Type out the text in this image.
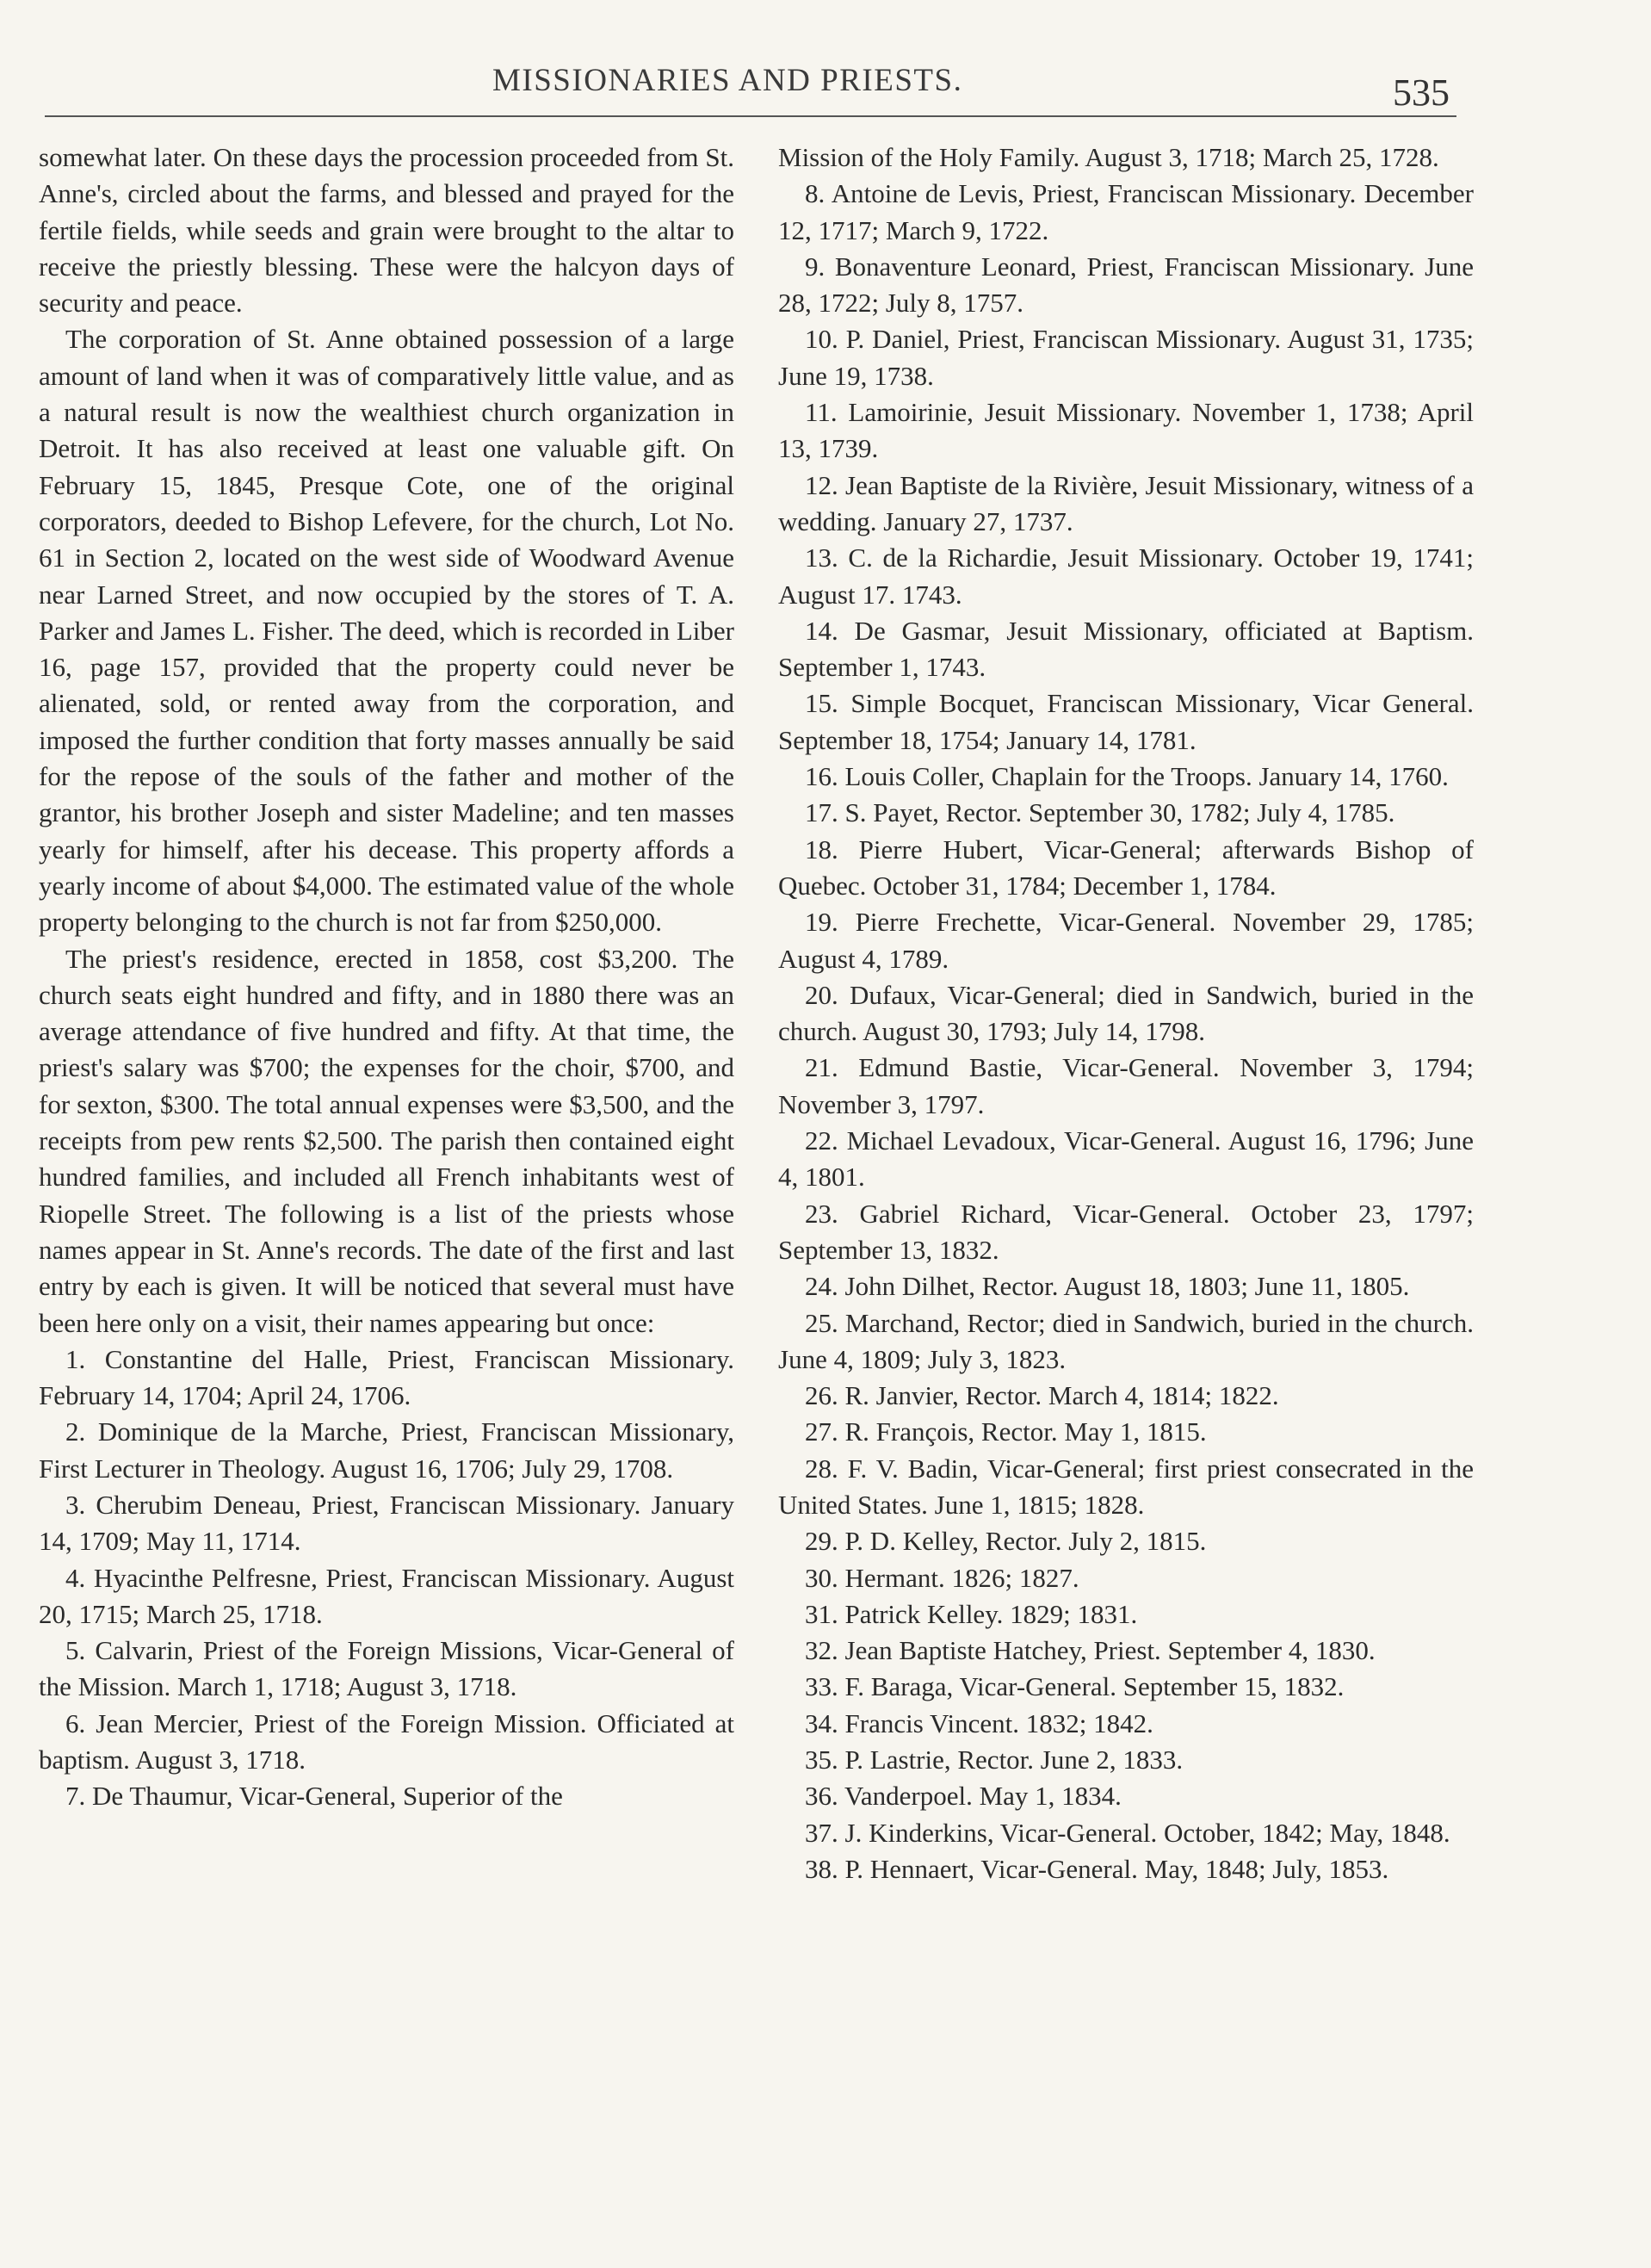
MISSIONARIES AND PRIESTS.	535

somewhat later. On these days the procession proceeded from St. Anne's, circled about the farms, and blessed and prayed for the fertile fields, while seeds and grain were brought to the altar to receive the priestly blessing. These were the halcyon days of security and peace.

The corporation of St. Anne obtained possession of a large amount of land when it was of comparatively little value, and as a natural result is now the wealthiest church organization in Detroit. It has also received at least one valuable gift. On February 15, 1845, Presque Cote, one of the original corporators, deeded to Bishop Lefevere, for the church, Lot No. 61 in Section 2, located on the west side of Woodward Avenue near Larned Street, and now occupied by the stores of T. A. Parker and James L. Fisher. The deed, which is recorded in Liber 16, page 157, provided that the property could never be alienated, sold, or rented away from the corporation, and imposed the further condition that forty masses annually be said for the repose of the souls of the father and mother of the grantor, his brother Joseph and sister Madeline; and ten masses yearly for himself, after his decease. This property affords a yearly income of about $4,000. The estimated value of the whole property belonging to the church is not far from $250,000.

The priest's residence, erected in 1858, cost $3,200. The church seats eight hundred and fifty, and in 1880 there was an average attendance of five hundred and fifty. At that time, the priest's salary was $700; the expenses for the choir, $700, and for sexton, $300. The total annual expenses were $3,500, and the receipts from pew rents $2,500. The parish then contained eight hundred families, and included all French inhabitants west of Riopelle Street. The following is a list of the priests whose names appear in St. Anne's records. The date of the first and last entry by each is given. It will be noticed that several must have been here only on a visit, their names appearing but once:

1. Constantine del Halle, Priest, Franciscan Missionary. February 14, 1704; April 24, 1706.

2. Dominique de la Marche, Priest, Franciscan Missionary, First Lecturer in Theology. August 16, 1706; July 29, 1708.

3. Cherubim Deneau, Priest, Franciscan Missionary. January 14, 1709; May 11, 1714.

4. Hyacinthe Pelfresne, Priest, Franciscan Missionary. August 20, 1715; March 25, 1718.

5. Calvarin, Priest of the Foreign Missions, Vicar-General of the Mission. March 1, 1718; August 3, 1718.

6. Jean Mercier, Priest of the Foreign Mission. Officiated at baptism. August 3, 1718.

7. De Thaumur, Vicar-General, Superior of the

Mission of the Holy Family. August 3, 1718; March 25, 1728.

8. Antoine de Levis, Priest, Franciscan Missionary. December 12, 1717; March 9, 1722.

9. Bonaventure Leonard, Priest, Franciscan Missionary. June 28, 1722; July 8, 1757.

10. P. Daniel, Priest, Franciscan Missionary. August 31, 1735; June 19, 1738.

11. Lamoirinie, Jesuit Missionary. November 1, 1738; April 13, 1739.

12. Jean Baptiste de la Rivière, Jesuit Missionary, witness of a wedding. January 27, 1737.

13. C. de la Richardie, Jesuit Missionary. October 19, 1741; August 17. 1743.

14. De Gasmar, Jesuit Missionary, officiated at Baptism. September 1, 1743.

15. Simple Bocquet, Franciscan Missionary, Vicar General. September 18, 1754; January 14, 1781.

16. Louis Coller, Chaplain for the Troops. January 14, 1760.

17. S. Payet, Rector. September 30, 1782; July 4, 1785.

18. Pierre Hubert, Vicar-General; afterwards Bishop of Quebec. October 31, 1784; December 1, 1784.

19. Pierre Frechette, Vicar-General. November 29, 1785; August 4, 1789.

20. Dufaux, Vicar-General; died in Sandwich, buried in the church. August 30, 1793; July 14, 1798.

21. Edmund Bastie, Vicar-General. November 3, 1794; November 3, 1797.

22. Michael Levadoux, Vicar-General. August 16, 1796; June 4, 1801.

23. Gabriel Richard, Vicar-General. October 23, 1797; September 13, 1832.

24. John Dilhet, Rector. August 18, 1803; June 11, 1805.

25. Marchand, Rector; died in Sandwich, buried in the church. June 4, 1809; July 3, 1823.

26. R. Janvier, Rector. March 4, 1814; 1822.

27. R. François, Rector. May 1, 1815.

28. F. V. Badin, Vicar-General; first priest consecrated in the United States. June 1, 1815; 1828.

29. P. D. Kelley, Rector. July 2, 1815.

30. Hermant. 1826; 1827.

31. Patrick Kelley. 1829; 1831.

32. Jean Baptiste Hatchey, Priest. September 4, 1830.

33. F. Baraga, Vicar-General. September 15, 1832.

34. Francis Vincent. 1832; 1842.

35. P. Lastrie, Rector. June 2, 1833.

36. Vanderpoel. May 1, 1834.

37. J. Kinderkins, Vicar-General. October, 1842; May, 1848.

38. P. Hennaert, Vicar-General. May, 1848; July, 1853.
